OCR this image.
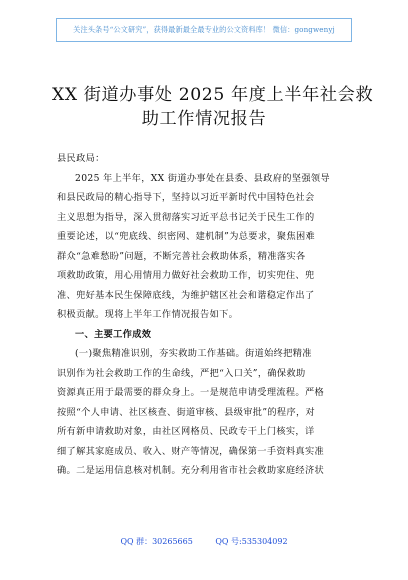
关注头条号“公文研究”，获得最新最全最专业的公文资料库！ 微信：gongwenyj
XX 街道办事处 2025 年度上半年社会救
助工作情况报告
县民政局：
2025 年上半年，XX 街道办事处在县委、县政府的坚强领导
和县民政局的精心指导下，坚持以习近平新时代中国特色社会
主义思想为指导，深入贯彻落实习近平总书记关于民生工作的
重要论述，以“兜底线、织密网、建机制”为总要求，聚焦困难
群众“急难愁盼”问题，不断完善社会救助体系，精准落实各
项救助政策，用心用情用力做好社会救助工作，切实兜住、兜
准、兜好基本民生保障底线，为维护辖区社会和谐稳定作出了
积极贡献。现将上半年工作情况报告如下。
一、主要工作成效
(一)聚焦精准识别，夯实救助工作基础。街道始终把精准
识别作为社会救助工作的生命线，严把“入口关”，确保救助
资源真正用于最需要的群众身上。一是规范申请受理流程。严格
按照“个人申请、社区核查、街道审核、县级审批”的程序，对
所有新申请救助对象，由社区网格员、民政专干上门核实，详
细了解其家庭成员、收入、财产等情况，确保第一手资料真实准
确。二是运用信息核对机制。充分利用省市社会救助家庭经济状
QQ 群：30265665	QQ 号:535304092
